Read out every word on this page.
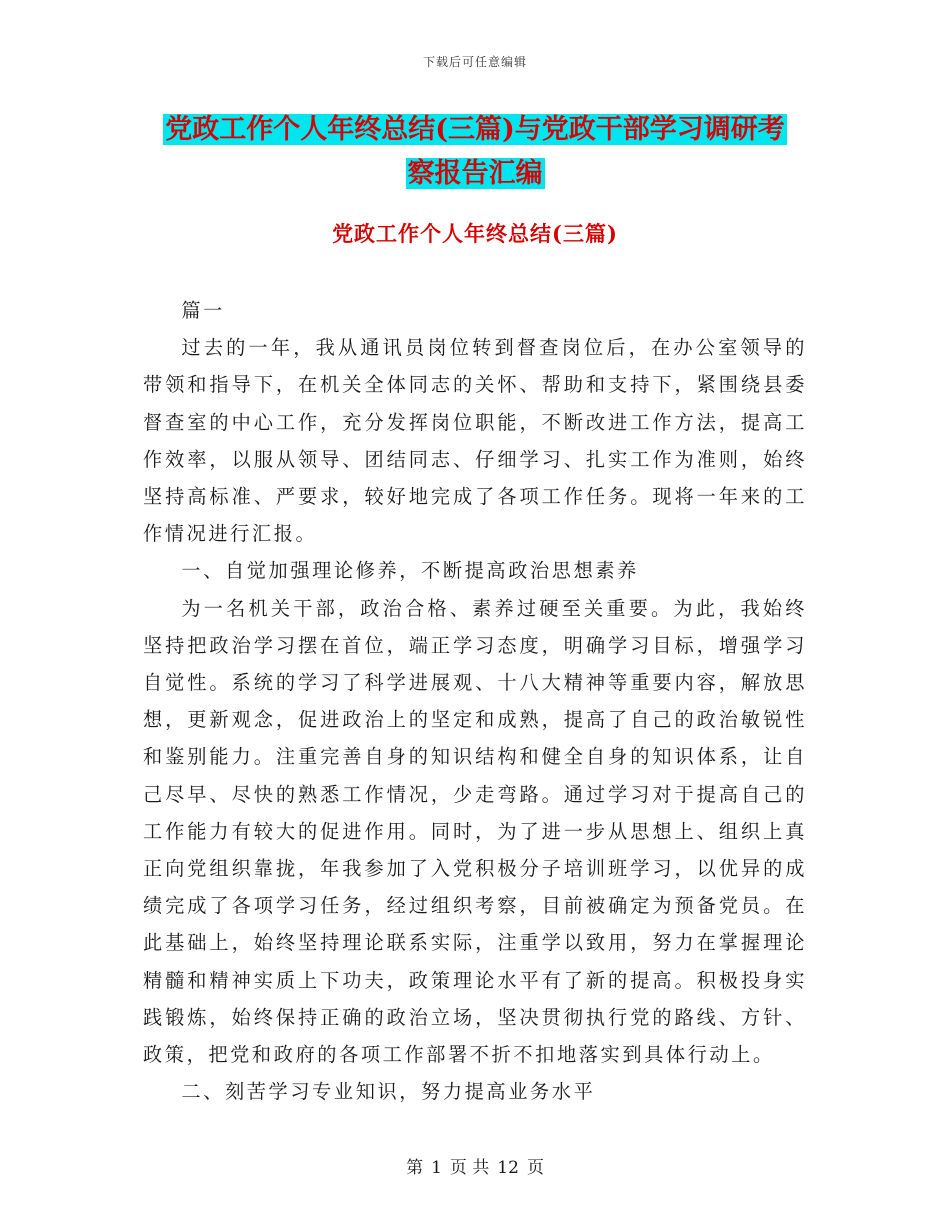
下载后可任意编辑
党政工作个人年终总结(三篇)与党政干部学习调研考
察报告汇编
党政工作个人年终总结(三篇)

篇一

过去的一年，我从通讯员岗位转到督查岗位后，在办公室领导的带领和指导下，在机关全体同志的关怀、帮助和支持下，紧围绕县委督查室的中心工作，充分发挥岗位职能，不断改进工作方法，提高工作效率，以服从领导、团结同志、仔细学习、扎实工作为准则，始终坚持高标准、严要求，较好地完成了各项工作任务。现将一年来的工作情况进行汇报。

一、自觉加强理论修养，不断提高政治思想素养

为一名机关干部，政治合格、素养过硬至关重要。为此，我始终坚持把政治学习摆在首位，端正学习态度，明确学习目标，增强学习自觉性。系统的学习了科学进展观、十八大精神等重要内容，解放思想，更新观念，促进政治上的坚定和成熟，提高了自己的政治敏锐性和鉴别能力。注重完善自身的知识结构和健全自身的知识体系，让自己尽早、尽快的熟悉工作情况，少走弯路。通过学习对于提高自己的工作能力有较大的促进作用。同时，为了进一步从思想上、组织上真正向党组织靠拢，年我参加了入党积极分子培训班学习，以优异的成绩完成了各项学习任务，经过组织考察，目前被确定为预备党员。在此基础上，始终坚持理论联系实际，注重学以致用，努力在掌握理论精髓和精神实质上下功夫，政策理论水平有了新的提高。积极投身实践锻炼，始终保持正确的政治立场，坚决贯彻执行党的路线、方针、政策，把党和政府的各项工作部署不折不扣地落实到具体行动上。

二、刻苦学习专业知识，努力提高业务水平

第 1 页 共 12 页
